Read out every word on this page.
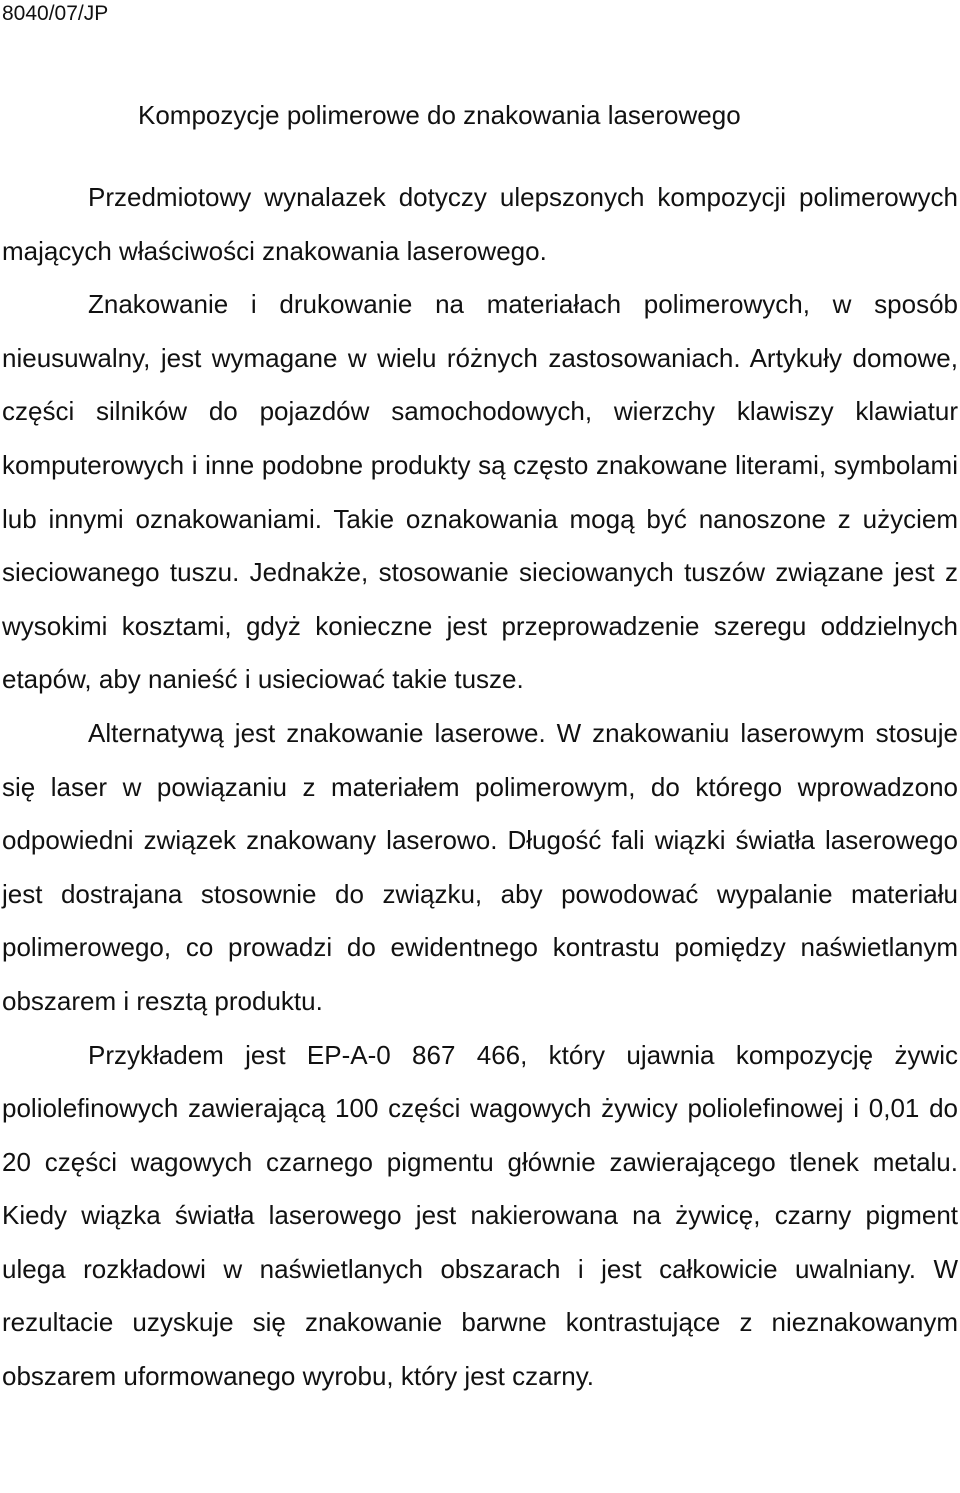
8040/07/JP
Kompozycje polimerowe do znakowania laserowego

Przedmiotowy wynalazek dotyczy ulepszonych kompozycji polimerowych mających właściwości znakowania laserowego.

Znakowanie i drukowanie na materiałach polimerowych, w sposób nieusuwalny, jest wymagane w wielu różnych zastosowaniach. Artykuły domowe, części silników do pojazdów samochodowych, wierzchy klawiszy klawiatur komputerowych i inne podobne produkty są często znakowane literami, symbolami lub innymi oznakowaniami. Takie oznakowania mogą być nanoszone z użyciem sieciowanego tuszu. Jednakże, stosowanie sieciowanych tuszów związane jest z wysokimi kosztami, gdyż konieczne jest przeprowadzenie szeregu oddzielnych etapów, aby nanieść i usieciować takie tusze.

Alternatywą jest znakowanie laserowe. W znakowaniu laserowym stosuje się laser w powiązaniu z materiałem polimerowym, do którego wprowadzono odpowiedni związek znakowany laserowo. Długość fali wiązki światła laserowego jest dostrajana stosownie do związku, aby powodować wypalanie materiału polimerowego, co prowadzi do ewidentnego kontrastu pomiędzy naświetlanym obszarem i resztą produktu.

Przykładem jest EP-A-0 867 466, który ujawnia kompozycję żywic poliolefinowych zawierającą 100 części wagowych żywicy poliolefinowej i 0,01 do 20 części wagowych czarnego pigmentu głównie zawierającego tlenek metalu. Kiedy wiązka światła laserowego jest nakierowana na żywicę, czarny pigment ulega rozkładowi w naświetlanych obszarach i jest całkowicie uwalniany. W rezultacie uzyskuje się znakowanie barwne kontrastujące z nieznakowanym obszarem uformowanego wyrobu, który jest czarny.
